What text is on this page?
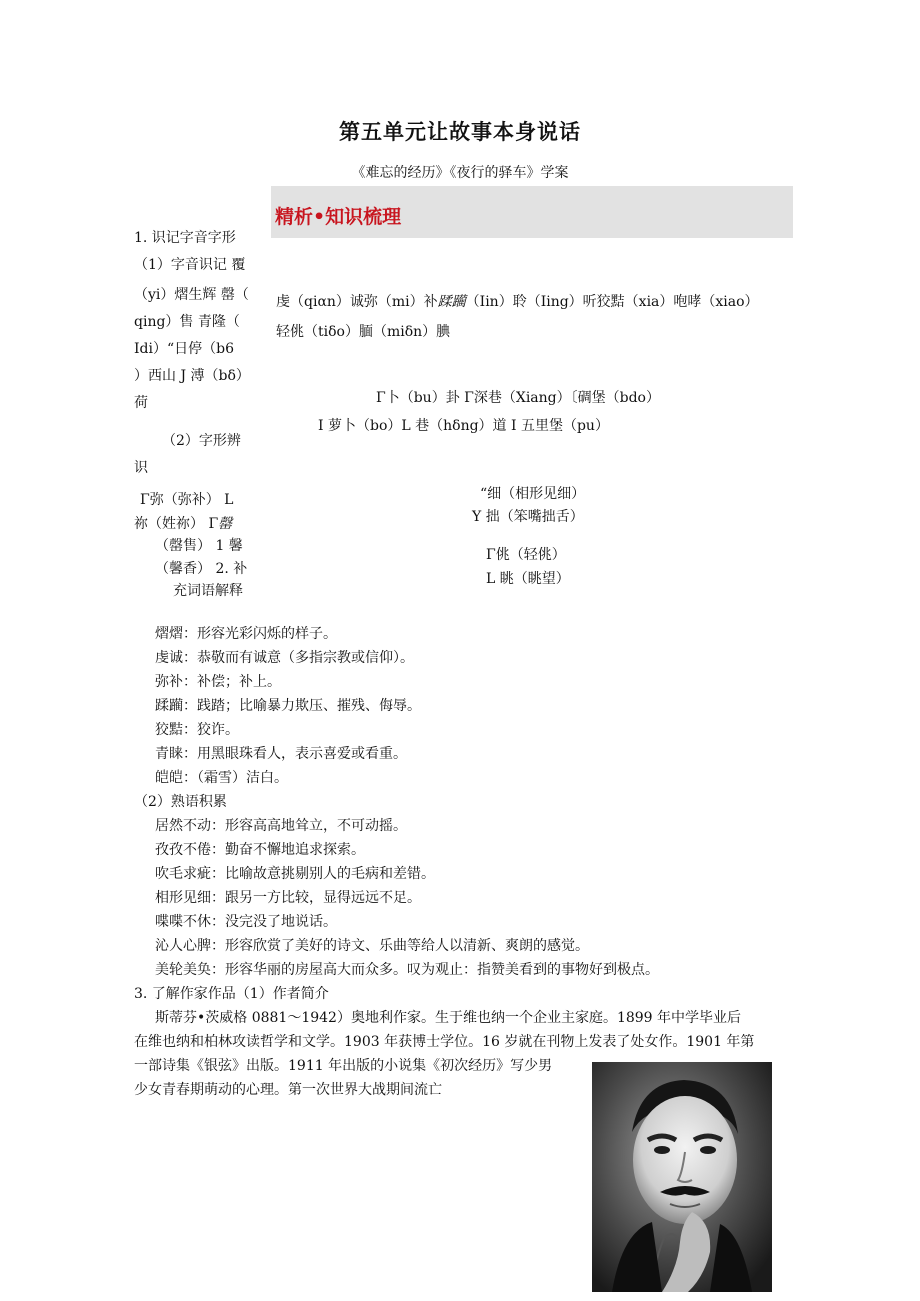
第五单元让故事本身说话
《难忘的经历》《夜行的驿车》学案
精析•知识梳理
1. 识记字音字形
（1）字音识记 覆
（yi）熠生辉 罄（
qing）售 青隆（
Idi）“日停（b6
）西山 J 溥（bδ）
荷
（2）字形辨
识
Γ弥（弥补） L
祢（姓祢） Γ罄
（罄售） 1 馨
（馨香） 2. 补
充词语解释
虔（qiαn）诚弥（mi）补蹂躏（Iin）聆（Iing）听狡黠（xia）咆哮（xiao）
轻佻（tiδo）腼（miδn）腆
Γ卜（bu）卦 Γ深巷（Xiang）〔碉堡（bdo）
I 萝卜（bo）L 巷（hδng）道 I 五里堡（pu）
“细（相形见细）
Y 拙（笨嘴拙舌）
Γ佻（轻佻）
L 眺（眺望）
熠熠：形容光彩闪烁的样子。
虔诚：恭敬而有诚意（多指宗教或信仰）。
弥补：补偿；补上。
蹂躏：践踏；比喻暴力欺压、摧残、侮辱。
狡黠：狡诈。
青睐：用黑眼珠看人，表示喜爱或看重。
皑皑：（霜雪）洁白。
（2）熟语积累
居然不动：形容高高地耸立，不可动摇。
孜孜不倦：勤奋不懈地追求探索。
吹毛求疵：比喻故意挑剔别人的毛病和差错。
相形见细：跟另一方比较，显得远远不足。
喋喋不休：没完没了地说话。
沁人心脾：形容欣赏了美好的诗文、乐曲等给人以清新、爽朗的感觉。
美轮美奂：形容华丽的房屋高大而众多。叹为观止：指赞美看到的事物好到极点。
3. 了解作家作品（1）作者简介
斯蒂芬•茨威格 0881～1942）奥地利作家。生于维也纳一个企业主家庭。1899 年中学毕业后
在维也纳和柏林攻读哲学和文学。1903 年获博士学位。16 岁就在刊物上发表了处女作。1901 年第
一部诗集《银弦》出版。1911 年出版的小说集《初次经历》写少男
少女青春期萌动的心理。第一次世界大战期间流亡
